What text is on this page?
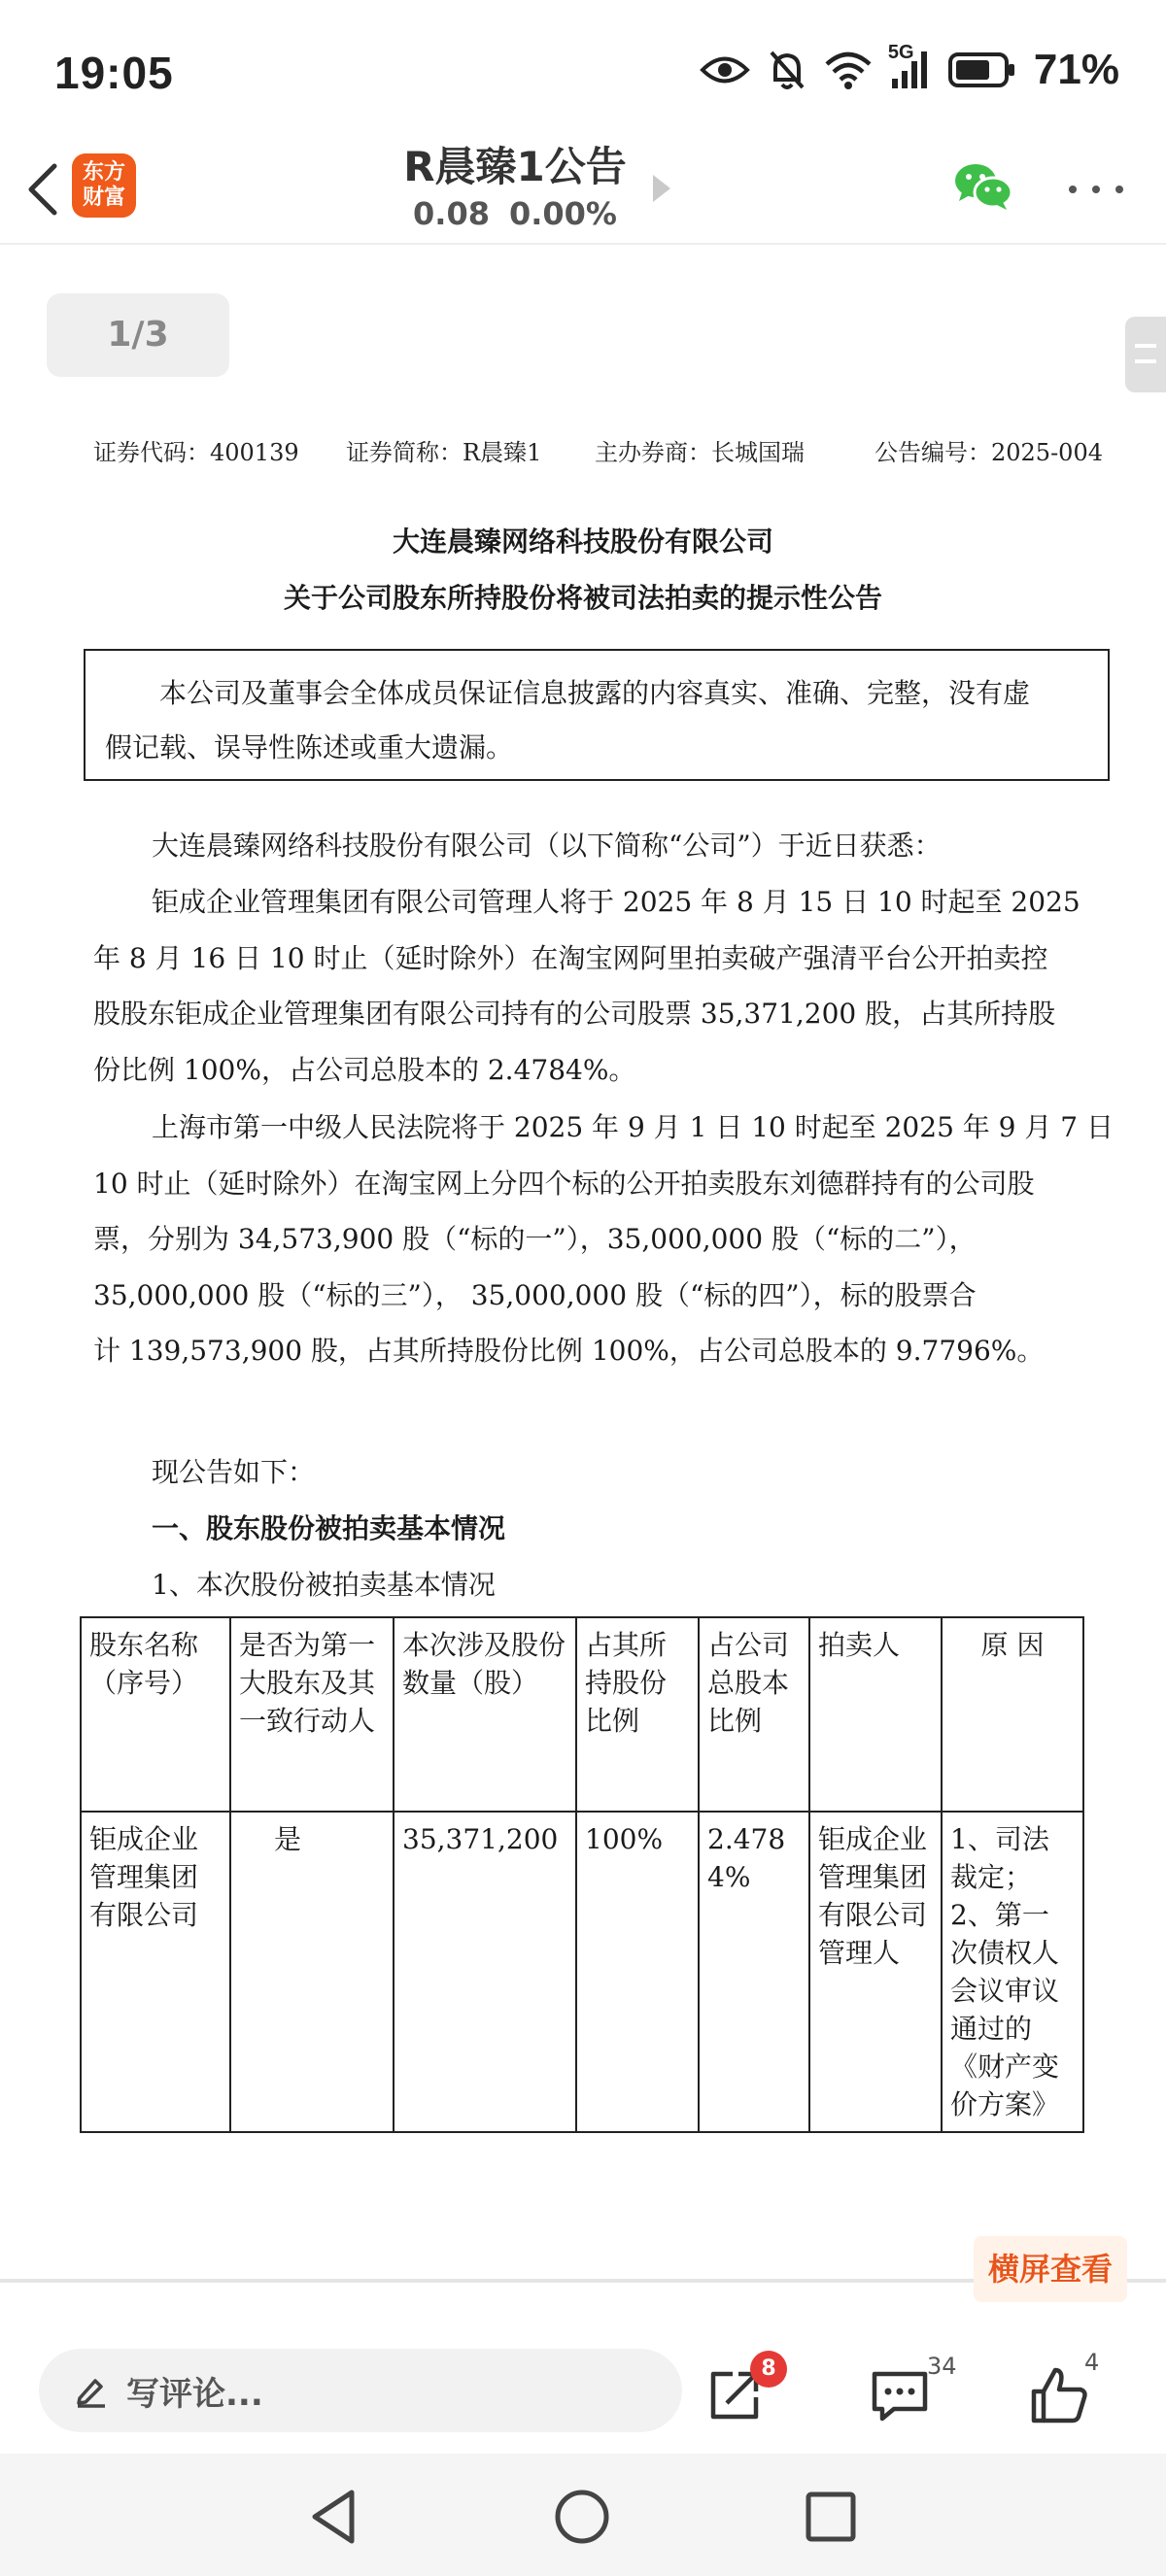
19:05	5G	71%
东方
财富
R晨臻1公告
0.08 0.00%
1/3
证券代码：400139 证券简称：R晨臻1 主办券商：长城国瑞	公告编号：2025-004
大连晨臻网络科技股份有限公司
关于公司股东所持股份将被司法拍卖的提示性公告
本公司及董事会全体成员保证信息披露的内容真实、准确、完整，没有虚
假记载、误导性陈述或重大遗漏。
大连晨臻网络科技股份有限公司（以下简称“公司”）于近日获悉：
钜成企业管理集团有限公司管理人将于 2025 年 8 月 15 日 10 时起至 2025
年 8 月 16 日 10 时止（延时除外）在淘宝网阿里拍卖破产强清平台公开拍卖控
股股东钜成企业管理集团有限公司持有的公司股票 35,371,200 股，占其所持股
份比例 100%，占公司总股本的 2.4784%。
上海市第一中级人民法院将于 2025 年 9 月 1 日 10 时起至 2025 年 9 月 7 日
10 时止（延时除外）在淘宝网上分四个标的公开拍卖股东刘德群持有的公司股
票，分别为 34,573,900 股（“标的一”），35,000,000 股（“标的二”），
35,000,000 股（“标的三”）， 35,000,000 股（“标的四”），标的股票合
计 139,573,900 股，占其所持股份比例 100%，占公司总股本的 9.7796%。
现公告如下：
一、股东股份被拍卖基本情况
1、本次股份被拍卖基本情况
股东名称（序号）	是否为第一大股东及其一致行动人	本次涉及股份数量（股）	占其所持股份比例	占公司总股本比例	拍卖人	原 因
钜成企业管理集团有限公司	是	35,371,200	100%	2.4784%	钜成企业管理集团有限公司管理人	1、司法裁定；2、第一次债权人会议审议通过的《财产变价方案》
横屏查看
写评论...
8	34	4
